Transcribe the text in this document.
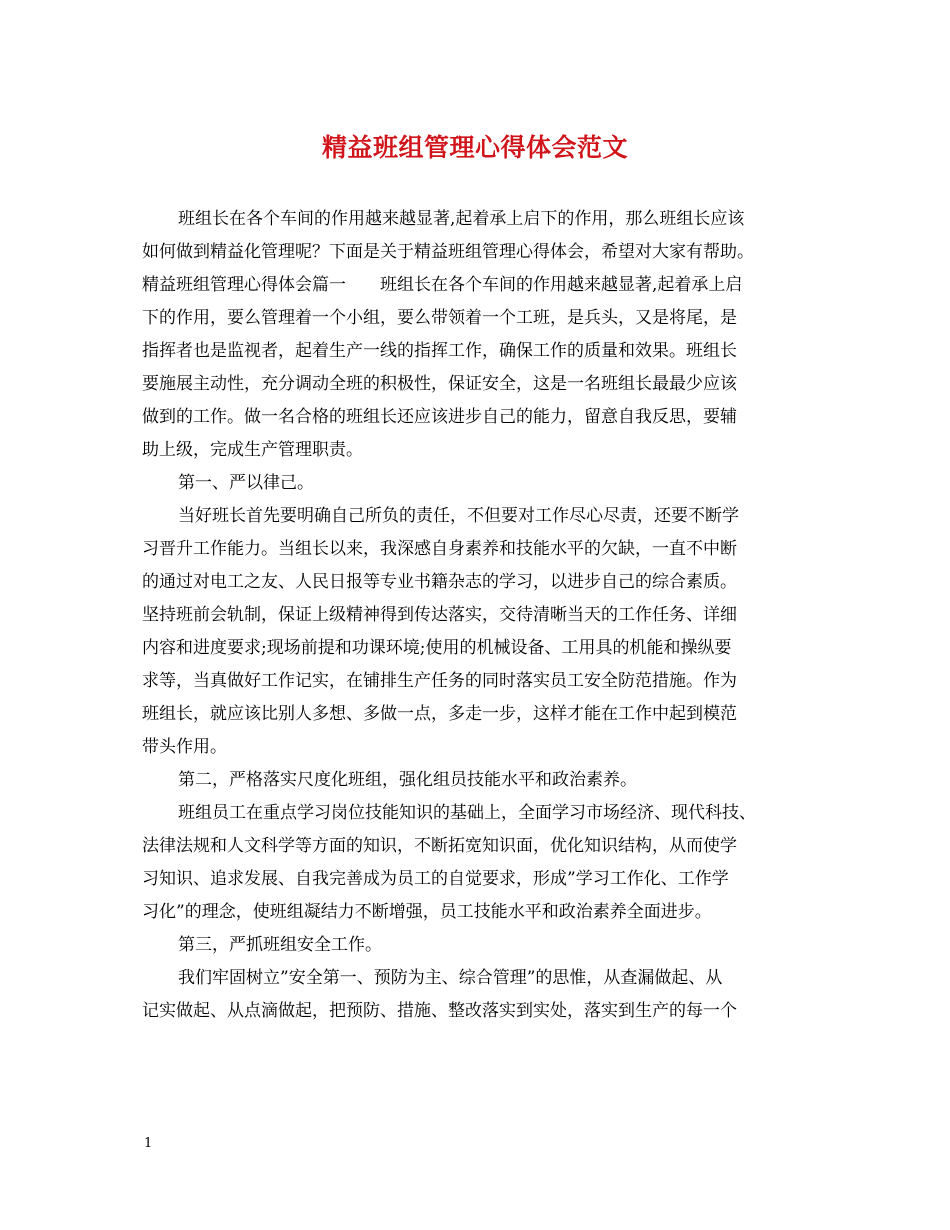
精益班组管理心得体会范文
班组长在各个车间的作用越来越显著,起着承上启下的作用，那么班组长应该
如何做到精益化管理呢？下面是关于精益班组管理心得体会，希望对大家有帮助。
精益班组管理心得体会篇一　　班组长在各个车间的作用越来越显著,起着承上启
下的作用，要么管理着一个小组，要么带领着一个工班，是兵头，又是将尾，是
指挥者也是监视者，起着生产一线的指挥工作，确保工作的质量和效果。班组长
要施展主动性，充分调动全班的积极性，保证安全，这是一名班组长最最少应该
做到的工作。做一名合格的班组长还应该进步自己的能力，留意自我反思，要辅
助上级，完成生产管理职责。
第一、严以律己。
当好班长首先要明确自己所负的责任，不但要对工作尽心尽责，还要不断学
习晋升工作能力。当组长以来，我深感自身素养和技能水平的欠缺，一直不中断
的通过对电工之友、人民日报等专业书籍杂志的学习，以进步自己的综合素质。
坚持班前会轨制，保证上级精神得到传达落实，交待清晰当天的工作任务、详细
内容和进度要求;现场前提和功课环境;使用的机械设备、工用具的机能和操纵要
求等，当真做好工作记实，在铺排生产任务的同时落实员工安全防范措施。作为
班组长，就应该比别人多想、多做一点，多走一步，这样才能在工作中起到模范
带头作用。
第二，严格落实尺度化班组，强化组员技能水平和政治素养。
班组员工在重点学习岗位技能知识的基础上，全面学习市场经济、现代科技、
法律法规和人文科学等方面的知识，不断拓宽知识面，优化知识结构，从而使学
习知识、追求发展、自我完善成为员工的自觉要求，形成”学习工作化、工作学
习化”的理念，使班组凝结力不断增强，员工技能水平和政治素养全面进步。
第三，严抓班组安全工作。
我们牢固树立”安全第一、预防为主、综合管理”的思惟，从查漏做起、从
记实做起、从点滴做起，把预防、措施、整改落实到实处，落实到生产的每一个
1
